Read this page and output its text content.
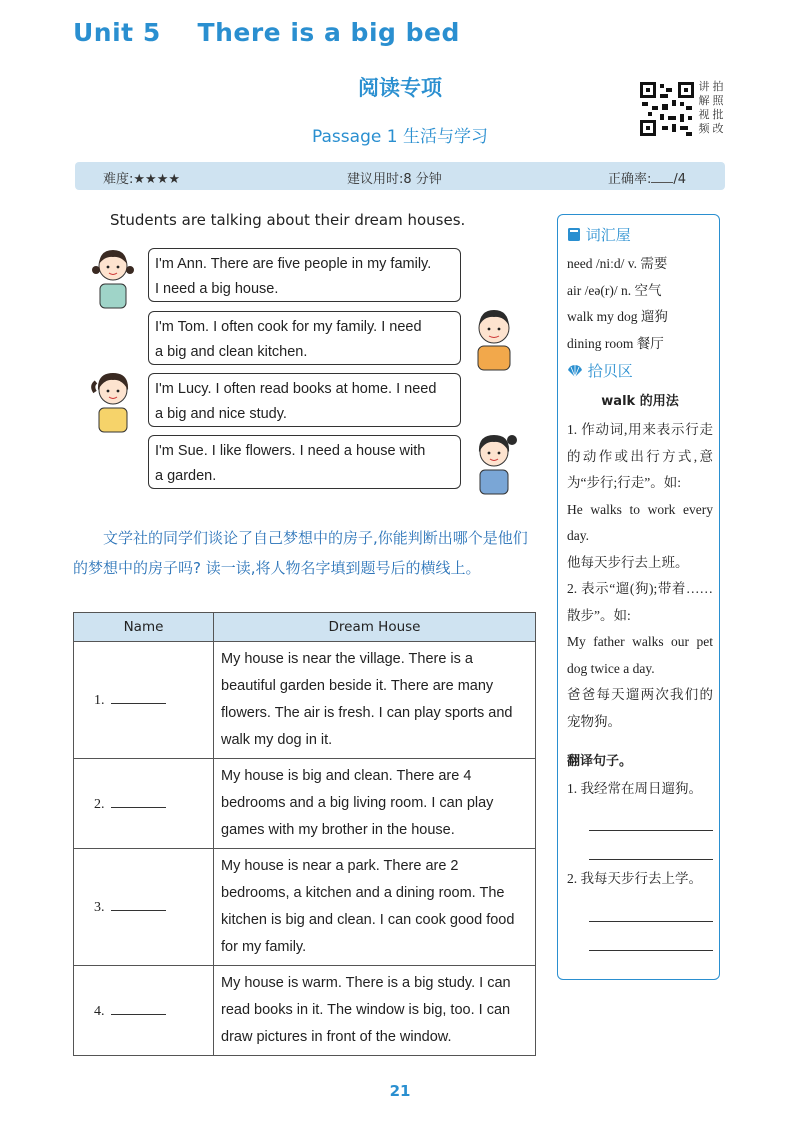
Unit 5    There is a big bed
阅读专项
Passage 1 生活与学习
讲 拍
解 照
视 批
频 改
难度:★★★★	建议用时:8 分钟	正确率: /4
Students are talking about their dream houses.
I'm Ann. There are five people in my family.
I need a big house.
I'm Tom. I often cook for my family. I need
a big and clean kitchen.
I'm Lucy. I often read books at home. I need
a big and nice study.
I'm Sue. I like flowers. I need a house with
a garden.
文学社的同学们谈论了自己梦想中的房子,你能判断出哪个是他们的梦想中的房子吗? 读一读,将人物名字填到题号后的横线上。
Name	Dream House
1.	My house is near the village. There is a beautiful garden beside it. There are many flowers. The air is fresh. I can play sports and walk my dog in it.
2.	My house is big and clean. There are 4 bedrooms and a big living room. I can play games with my brother in the house.
3.	My house is near a park. There are 2 bedrooms, a kitchen and a dining room. The kitchen is big and clean. I can cook good food for my family.
4.	My house is warm. There is a big study. I can read books in it. The window is big, too. I can draw pictures in front of the window.
词汇屋
need /niːd/ v. 需要
air /eə(r)/ n. 空气
walk my dog 遛狗
dining room 餐厅
拾贝区
walk 的用法
1. 作动词,用来表示行走的动作或出行方式,意为“步行;行走”。如:
He walks to work every day.
他每天步行去上班。
2. 表示“遛(狗);带着……散步”。如:
My father walks our pet dog twice a day.
爸爸每天遛两次我们的宠物狗。
翻译句子。
1. 我经常在周日遛狗。
2. 我每天步行去上学。
21
